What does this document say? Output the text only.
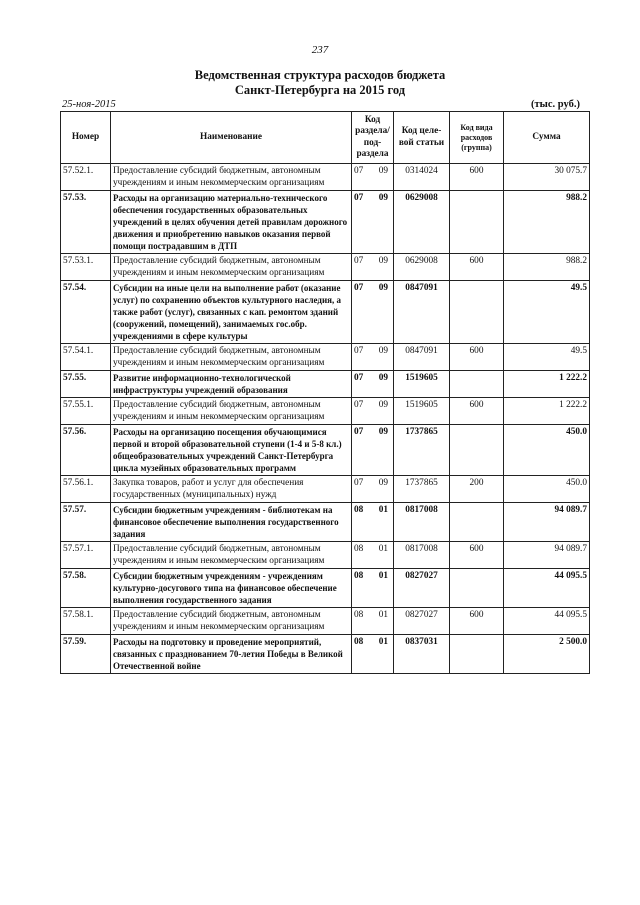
237
Ведомственная структура расходов бюджета
Санкт-Петербурга на 2015 год
25-ноя-2015	(тыс. руб.)
Номер	Наименование	Код раздела/ под-раздела	Код целе-вой статьи	Код вида расходов (группа)	Сумма
57.52.1.	Предоставление субсидий бюджетным, автономным учреждениям и иным некоммерческим организациям	07 09	0314024	600	30 075.7
57.53.	Расходы на организацию материально-технического обеспечения государственных образовательных учреждений в целях обучения детей правилам дорожного движения и приобретению навыков оказания первой помощи пострадавшим в ДТП	07 09	0629008		988.2
57.53.1.	Предоставление субсидий бюджетным, автономным учреждениям и иным некоммерческим организациям	07 09	0629008	600	988.2
57.54.	Субсидии на иные цели на выполнение работ (оказание услуг) по сохранению объектов культурного наследия, а также работ (услуг), связанных с кап. ремонтом зданий (сооружений, помещений), занимаемых гос.обр. учреждениями в сфере культуры	07 09	0847091		49.5
57.54.1.	Предоставление субсидий бюджетным, автономным учреждениям и иным некоммерческим организациям	07 09	0847091	600	49.5
57.55.	Развитие информационно-технологической инфраструктуры учреждений образования	07 09	1519605		1 222.2
57.55.1.	Предоставление субсидий бюджетным, автономным учреждениям и иным некоммерческим организациям	07 09	1519605	600	1 222.2
57.56.	Расходы на организацию посещения обучающимися первой и второй образовательной ступени (1-4 и 5-8 кл.) общеобразовательных учреждений Санкт-Петербурга цикла музейных образовательных программ	07 09	1737865		450.0
57.56.1.	Закупка товаров, работ и услуг для обеспечения государственных (муниципальных) нужд	07 09	1737865	200	450.0
57.57.	Субсидии бюджетным учреждениям - библиотекам на финансовое обеспечение выполнения государственного задания	08 01	0817008		94 089.7
57.57.1.	Предоставление субсидий бюджетным, автономным учреждениям и иным некоммерческим организациям	08 01	0817008	600	94 089.7
57.58.	Субсидии бюджетным учреждениям - учреждениям культурно-досугового типа на финансовое обеспечение выполнения государственного задания	08 01	0827027		44 095.5
57.58.1.	Предоставление субсидий бюджетным, автономным учреждениям и иным некоммерческим организациям	08 01	0827027	600	44 095.5
57.59.	Расходы на подготовку и проведение мероприятий, связанных с празднованием 70-летия Победы в Великой Отечественной войне	08 01	0837031		2 500.0
